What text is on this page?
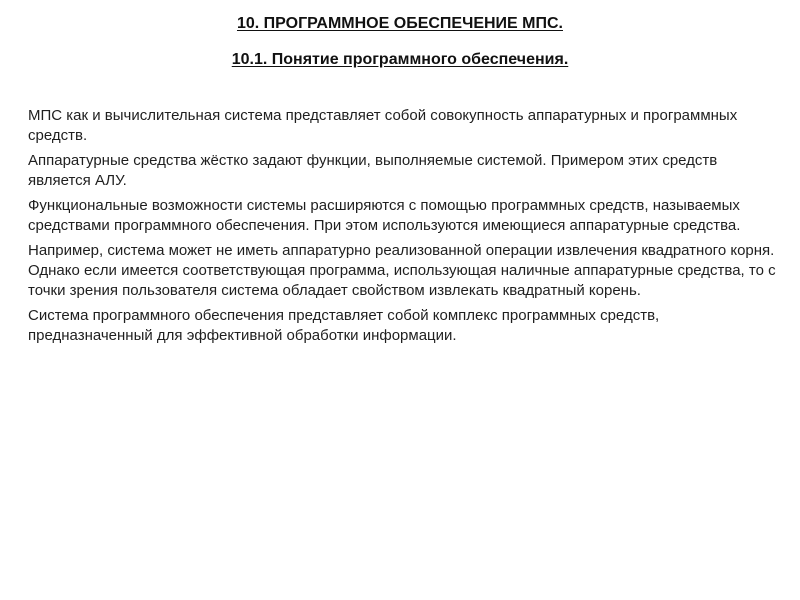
10. ПРОГРАММНОЕ ОБЕСПЕЧЕНИЕ МПС.
10.1. Понятие программного обеспечения.

МПС как и вычислительная система представляет собой совокупность аппаратурных и программных средств.

Аппаратурные средства жёстко задают функции, выполняемые системой. Примером этих средств является АЛУ.

Функциональные возможности системы расширяются с помощью программных средств, называемых средствами программного обеспечения. При этом используются имеющиеся аппаратурные средства.

Например, система может не иметь аппаратурно реализованной операции извлечения квадратного корня. Однако если имеется соответствующая программа, использующая наличные аппаратурные средства, то с точки зрения пользователя система обладает свойством извлекать квадратный корень.

Система программного обеспечения представляет собой комплекс программных средств, предназначенный для эффективной обработки информации.
